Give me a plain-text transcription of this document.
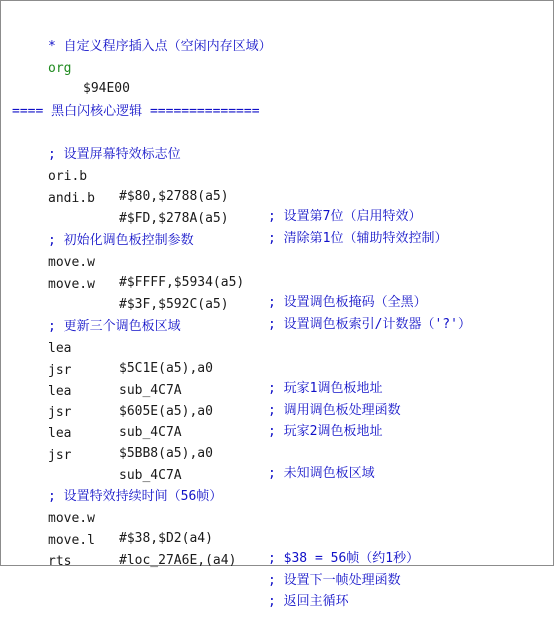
* 自定义程序插入点（空闲内存区域）

org

$94E00

==== 黑白闪核心逻辑 ==============

; 设置屏幕特效标志位

ori.b

#$80,$2788(a5)

; 设置第7位（启用特效）

andi.b

#$FD,$278A(a5)

; 清除第1位（辅助特效控制）

; 初始化调色板控制参数

move.w

#$FFFF,$5934(a5)

; 设置调色板掩码（全黑）

move.w

#$3F,$592C(a5)

; 设置调色板索引/计数器（'?'）

; 更新三个调色板区域

lea

$5C1E(a5),a0

; 玩家1调色板地址

jsr

sub_4C7A

; 调用调色板处理函数

lea

$605E(a5),a0

; 玩家2调色板地址

jsr

sub_4C7A

lea

$5BB8(a5),a0

; 未知调色板区域

jsr

sub_4C7A

; 设置特效持续时间（56帧）

move.w

#$38,$D2(a4)

; $38 = 56帧（约1秒）

move.l

#loc_27A6E,(a4)

; 设置下一帧处理函数

rts

; 返回主循环
